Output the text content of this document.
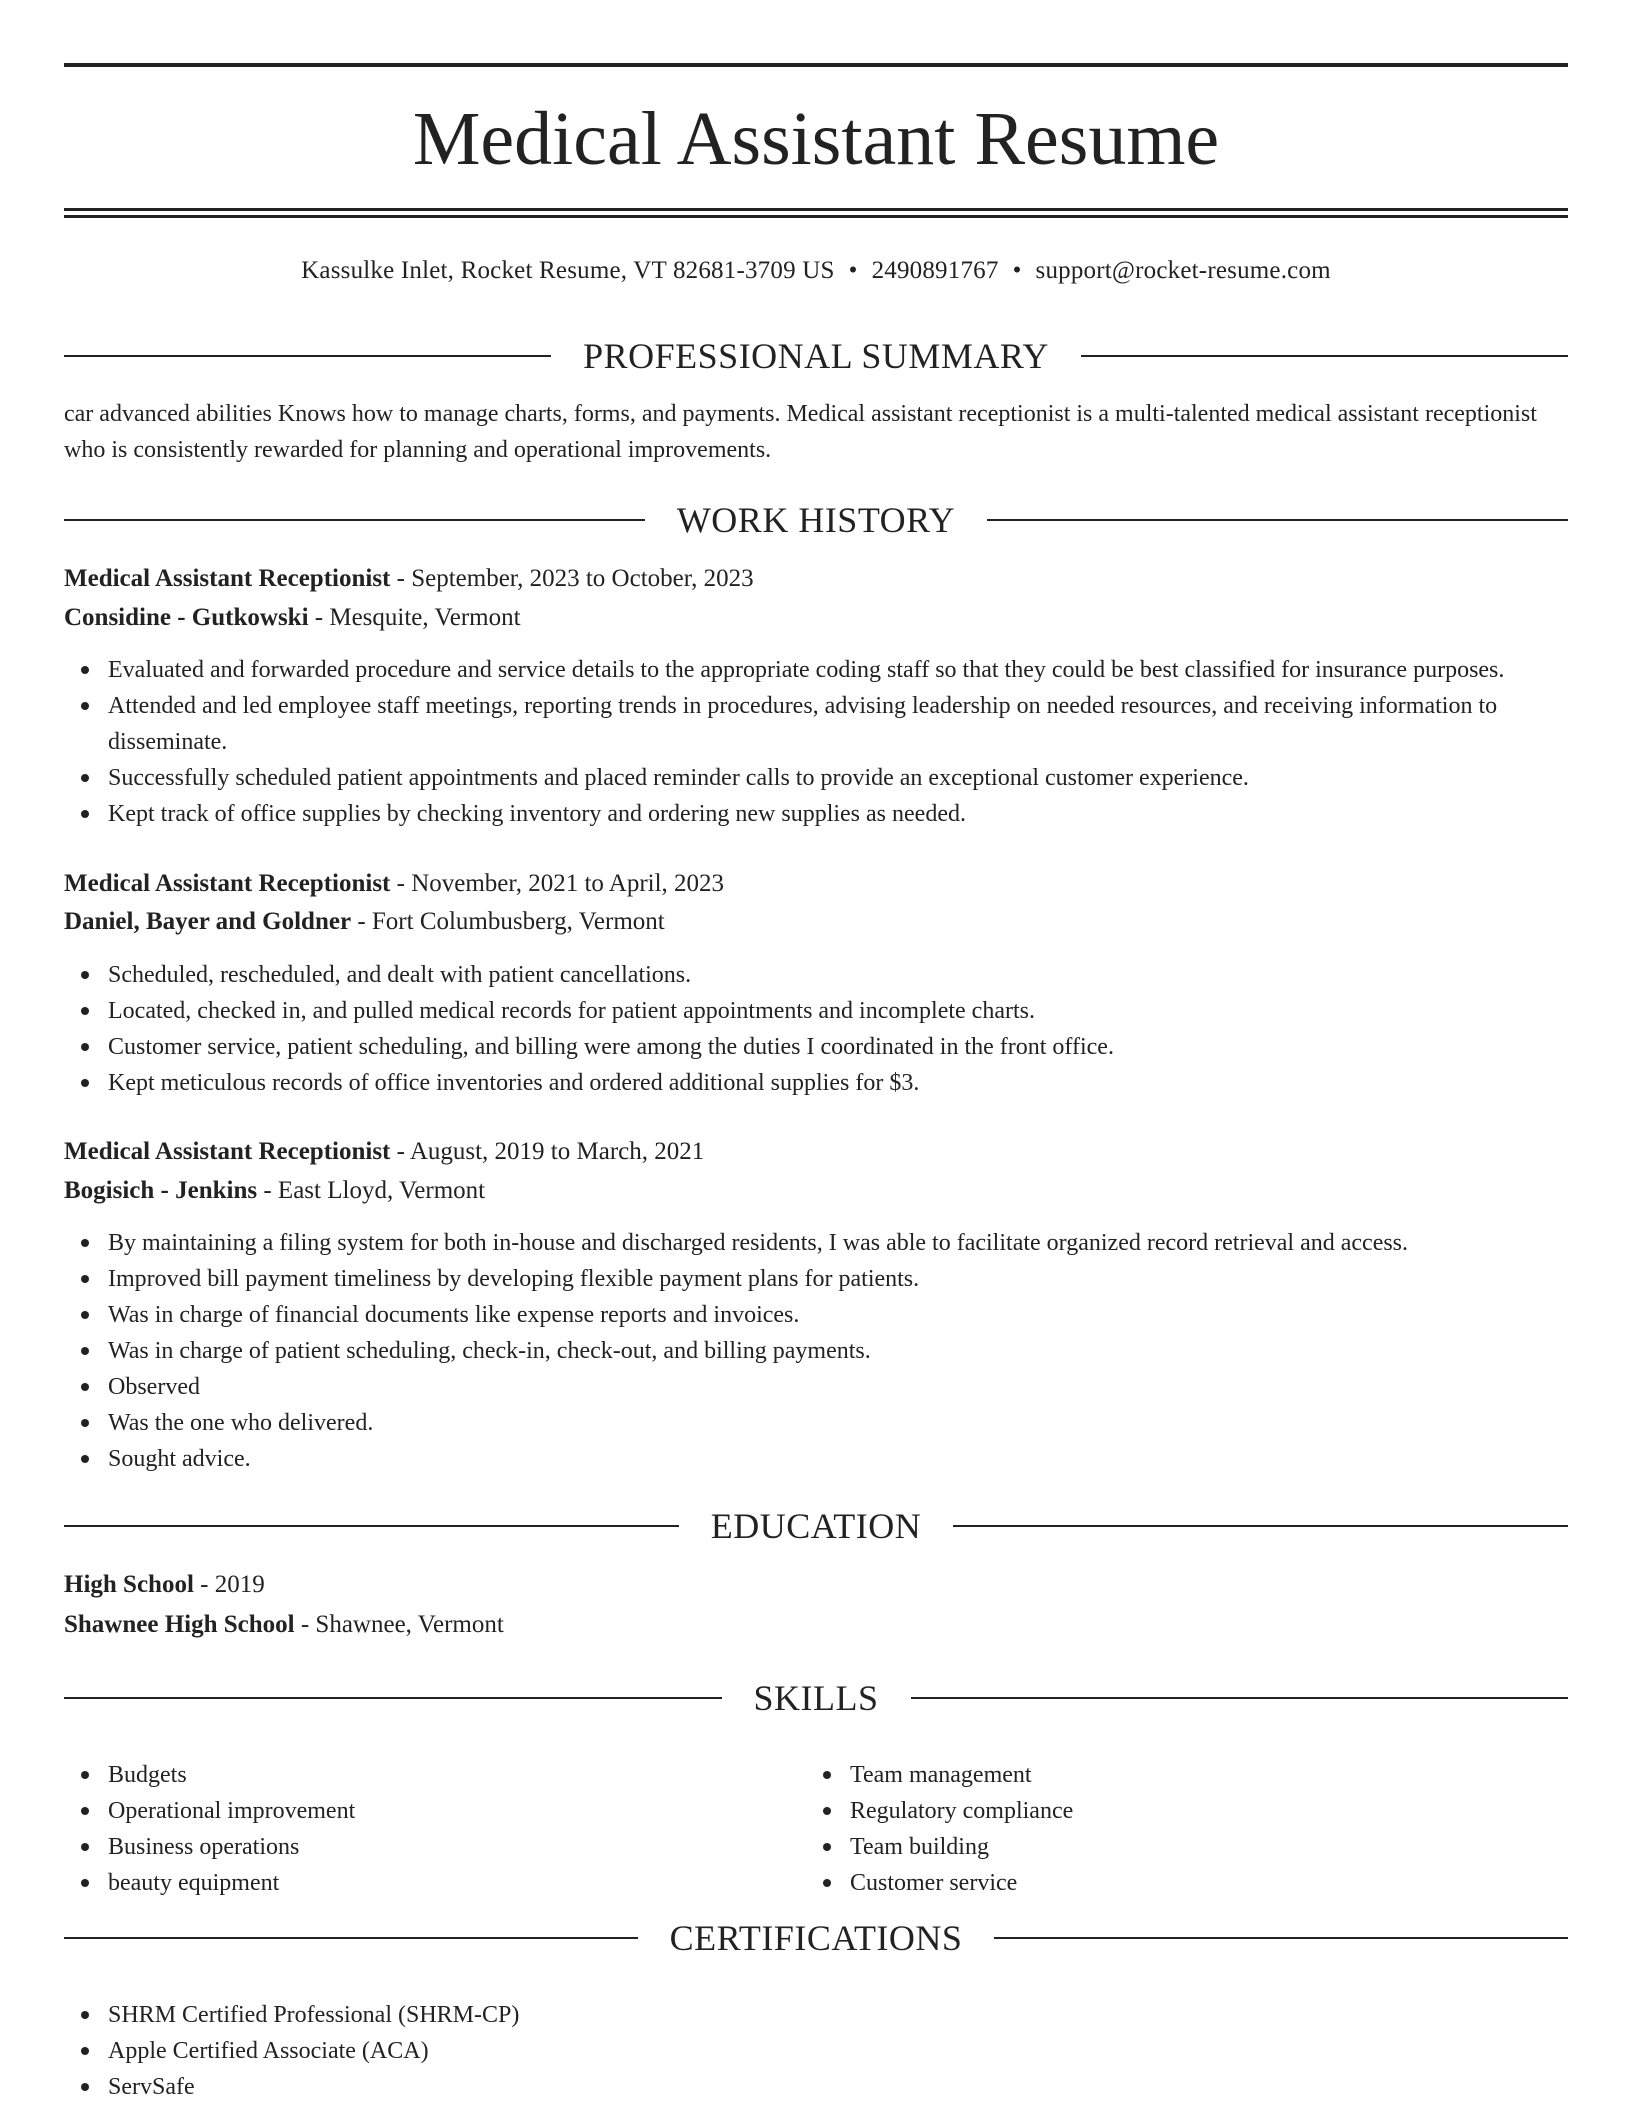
Medical Assistant Resume
Kassulke Inlet, Rocket Resume, VT 82681-3709 US • 2490891767 • support@rocket-resume.com
PROFESSIONAL SUMMARY

car advanced abilities Knows how to manage charts, forms, and payments. Medical assistant receptionist is a multi-talented medical assistant receptionist who is consistently rewarded for planning and operational improvements.

WORK HISTORY
Medical Assistant Receptionist - September, 2023 to October, 2023
Considine - Gutkowski - Mesquite, Vermont
Evaluated and forwarded procedure and service details to the appropriate coding staff so that they could be best classified for insurance purposes.
Attended and led employee staff meetings, reporting trends in procedures, advising leadership on needed resources, and receiving information to disseminate.
Successfully scheduled patient appointments and placed reminder calls to provide an exceptional customer experience.
Kept track of office supplies by checking inventory and ordering new supplies as needed.
Medical Assistant Receptionist - November, 2021 to April, 2023
Daniel, Bayer and Goldner - Fort Columbusberg, Vermont
Scheduled, rescheduled, and dealt with patient cancellations.
Located, checked in, and pulled medical records for patient appointments and incomplete charts.
Customer service, patient scheduling, and billing were among the duties I coordinated in the front office.
Kept meticulous records of office inventories and ordered additional supplies for $3.
Medical Assistant Receptionist - August, 2019 to March, 2021
Bogisich - Jenkins - East Lloyd, Vermont
By maintaining a filing system for both in-house and discharged residents, I was able to facilitate organized record retrieval and access.
Improved bill payment timeliness by developing flexible payment plans for patients.
Was in charge of financial documents like expense reports and invoices.
Was in charge of patient scheduling, check-in, check-out, and billing payments.
Observed
Was the one who delivered.
Sought advice.
EDUCATION
High School - 2019
Shawnee High School - Shawnee, Vermont
SKILLS
Budgets
Operational improvement
Business operations
beauty equipment
Team management
Regulatory compliance
Team building
Customer service
CERTIFICATIONS
SHRM Certified Professional (SHRM-CP)
Apple Certified Associate (ACA)
ServSafe
